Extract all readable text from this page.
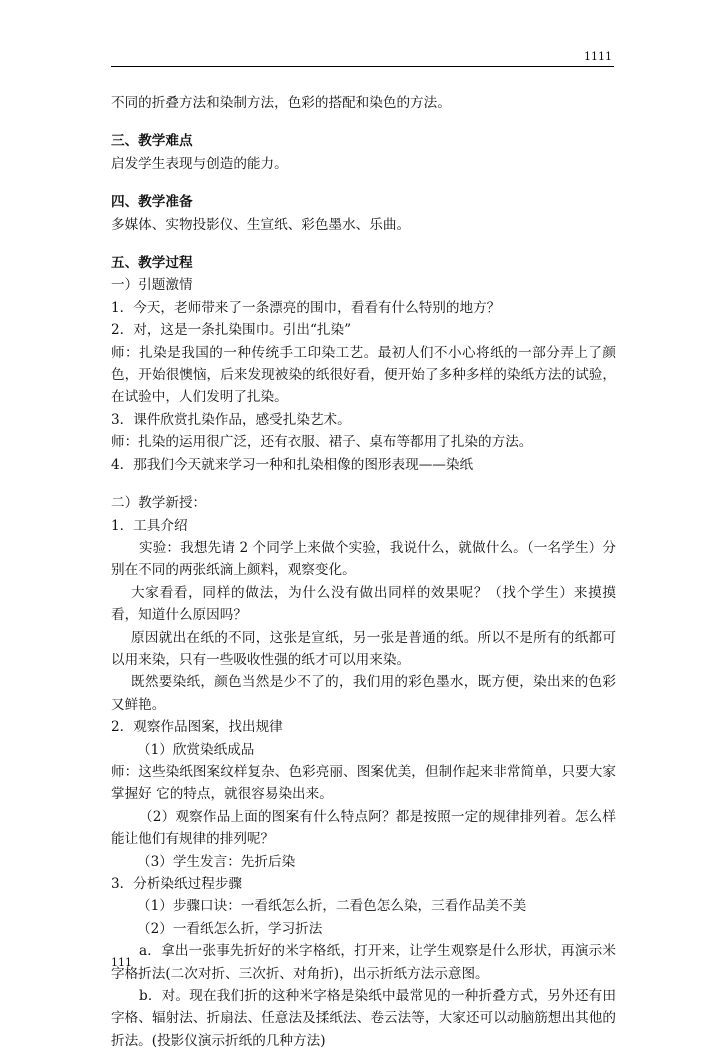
1111

不同的折叠方法和染制方法，色彩的搭配和染色的方法。

三、教学难点

启发学生表现与创造的能力。

四、教学准备

多媒体、实物投影仪、生宣纸、彩色墨水、乐曲。

五、教学过程

一）引题激情

1．今天，老师带来了一条漂亮的围巾，看看有什么特别的地方？

2．对，这是一条扎染围巾。引出“扎染”

师：扎染是我国的一种传统手工印染工艺。最初人们不小心将纸的一部分弄上了颜色，开始很懊恼，后来发现被染的纸很好看，便开始了多种多样的染纸方法的试验，在试验中，人们发明了扎染。

3．课件欣赏扎染作品，感受扎染艺术。

师：扎染的运用很广泛，还有衣服、裙子、桌布等都用了扎染的方法。

4．那我们今天就来学习一种和扎染相像的图形表现——染纸

二）教学新授：

1．工具介绍

实验：我想先请 2 个同学上来做个实验，我说什么，就做什么。（一名学生）分别在不同的两张纸滴上颜料，观察变化。

大家看看，同样的做法，为什么没有做出同样的效果呢？（找个学生）来摸摸看，知道什么原因吗？

原因就出在纸的不同，这张是宣纸，另一张是普通的纸。所以不是所有的纸都可以用来染，只有一些吸收性强的纸才可以用来染。

既然要染纸，颜色当然是少不了的，我们用的彩色墨水，既方便，染出来的色彩又鲜艳。

2．观察作品图案，找出规律

（1）欣赏染纸成品

师：这些染纸图案纹样复杂、色彩亮丽、图案优美，但制作起来非常简单，只要大家掌握好 它的特点，就很容易染出来。

（2）观察作品上面的图案有什么特点阿？都是按照一定的规律排列着。怎么样能让他们有规律的排列呢？

（3）学生发言：先折后染

3．分析染纸过程步骤

（1）步骤口诀：一看纸怎么折，二看色怎么染，三看作品美不美

（2）一看纸怎么折，学习折法

a．拿出一张事先折好的米字格纸，打开来，让学生观察是什么形状，再演示米字格折法(二次对折、三次折、对角折)，出示折纸方法示意图。

b．对。现在我们折的这种米字格是染纸中最常见的一种折叠方式，另外还有田字格、辐射法、折扇法、任意法及揉纸法、卷云法等，大家还可以动脑筋想出其他的折法。(投影仪演示折纸的几种方法)

111
